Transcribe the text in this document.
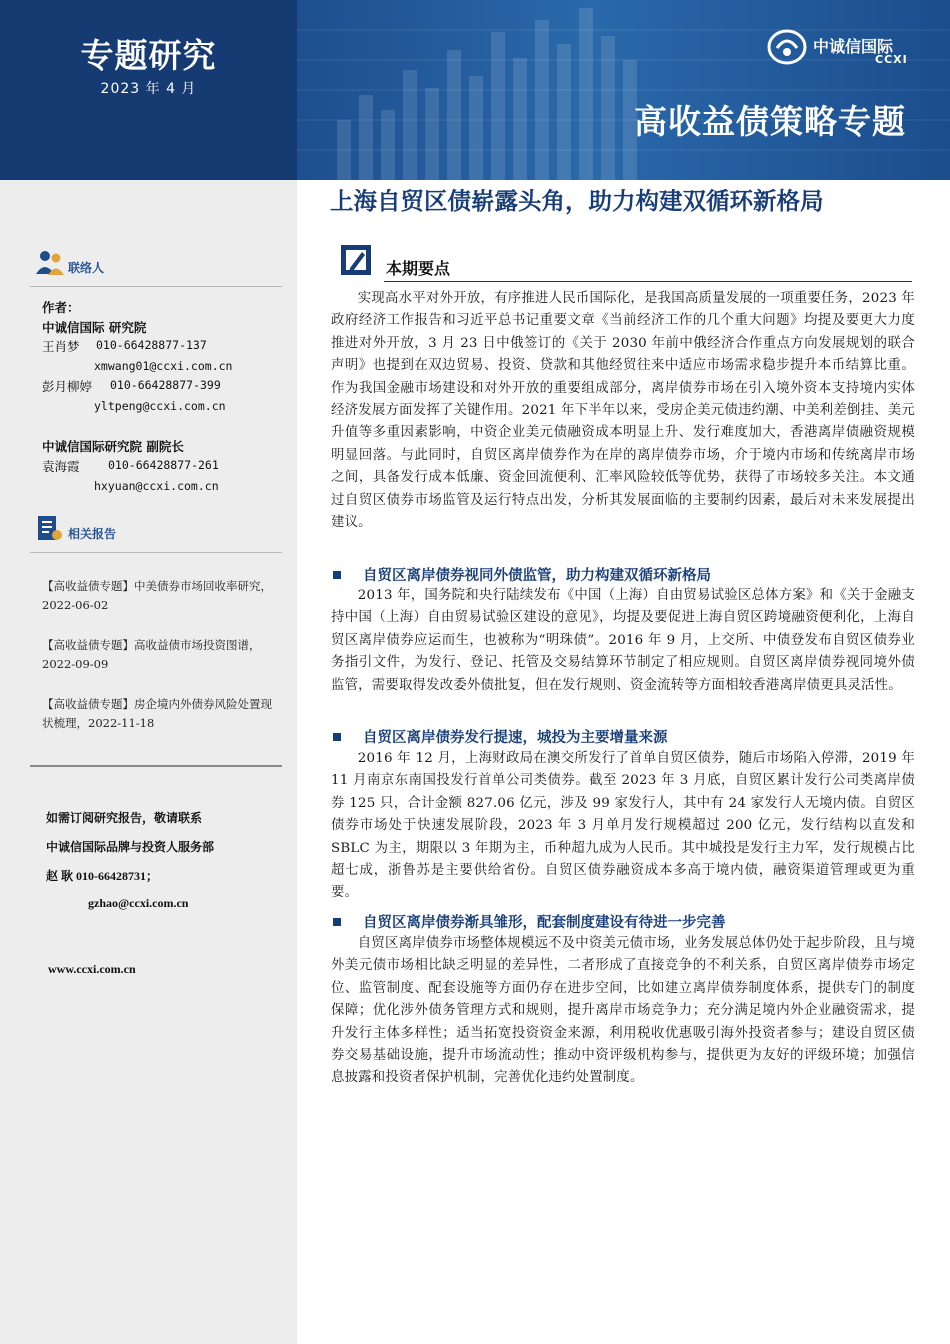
专题研究
2023 年 4 月
中诚信国际
CCXI
高收益债策略专题
联络人
作者：
中诚信国际 研究院
王肖梦 010-66428877-137
xmwang01@ccxi.com.cn
彭月柳婷 010-66428877-399
yltpeng@ccxi.com.cn
中诚信国际研究院 副院长
袁海霞 010-66428877-261
hxyuan@ccxi.com.cn
相关报告
【高收益债专题】中美债券市场回收率研究，2022-06-02
【高收益债专题】高收益债市场投资图谱，2022-09-09
【高收益债专题】房企境内外债券风险处置现状梳理，2022-11-18
如需订阅研究报告，敬请联系
中诚信国际品牌与投资人服务部
赵 耿 010-66428731；
gzhao@ccxi.com.cn
www.ccxi.com.cn
上海自贸区债崭露头角，助力构建双循环新格局
本期要点

实现高水平对外开放，有序推进人民币国际化，是我国高质量发展的一项重要任务，2023 年政府经济工作报告和习近平总书记重要文章《当前经济工作的几个重大问题》均提及要更大力度推进对外开放，3 月 23 日中俄签订的《关于 2030 年前中俄经济合作重点方向发展规划的联合声明》也提到在双边贸易、投资、贷款和其他经贸往来中适应市场需求稳步提升本币结算比重。作为我国金融市场建设和对外开放的重要组成部分，离岸债券市场在引入境外资本支持境内实体经济发展方面发挥了关键作用。2021 年下半年以来，受房企美元债违约潮、中美利差倒挂、美元升值等多重因素影响，中资企业美元债融资成本明显上升、发行难度加大，香港离岸债融资规模明显回落。与此同时，自贸区离岸债券作为在岸的离岸债券市场，介于境内市场和传统离岸市场之间，具备发行成本低廉、资金回流便利、汇率风险较低等优势，获得了市场较多关注。本文通过自贸区债券市场监管及运行特点出发，分析其发展面临的主要制约因素，最后对未来发展提出建议。

自贸区离岸债券视同外债监管，助力构建双循环新格局

2013 年，国务院和央行陆续发布《中国（上海）自由贸易试验区总体方案》和《关于金融支持中国（上海）自由贸易试验区建设的意见》，均提及要促进上海自贸区跨境融资便利化，上海自贸区离岸债券应运而生，也被称为“明珠债”。2016 年 9 月，上交所、中债登发布自贸区债券业务指引文件，为发行、登记、托管及交易结算环节制定了相应规则。自贸区离岸债券视同境外债监管，需要取得发改委外债批复，但在发行规则、资金流转等方面相较香港离岸债更具灵活性。

自贸区离岸债券发行提速，城投为主要增量来源

2016 年 12 月，上海财政局在澳交所发行了首单自贸区债券，随后市场陷入停滞，2019 年 11 月南京东南国投发行首单公司类债券。截至 2023 年 3 月底，自贸区累计发行公司类离岸债券 125 只，合计金额 827.06 亿元，涉及 99 家发行人，其中有 24 家发行人无境内债。自贸区债券市场处于快速发展阶段，2023 年 3 月单月发行规模超过 200 亿元，发行结构以直发和 SBLC 为主，期限以 3 年期为主，币种超九成为人民币。其中城投是发行主力军，发行规模占比超七成，浙鲁苏是主要供给省份。自贸区债券融资成本多高于境内债，融资渠道管理或更为重要。

自贸区离岸债券渐具雏形，配套制度建设有待进一步完善

自贸区离岸债券市场整体规模远不及中资美元债市场，业务发展总体仍处于起步阶段，且与境外美元债市场相比缺乏明显的差异性，二者形成了直接竞争的不利关系，自贸区离岸债券市场定位、监管制度、配套设施等方面仍存在进步空间，比如建立离岸债券制度体系，提供专门的制度保障；优化涉外债务管理方式和规则，提升离岸市场竞争力；充分满足境内外企业融资需求，提升发行主体多样性；适当拓宽投资资金来源，利用税收优惠吸引海外投资者参与；建设自贸区债券交易基础设施，提升市场流动性；推动中资评级机构参与，提供更为友好的评级环境；加强信息披露和投资者保护机制，完善优化违约处置制度。
